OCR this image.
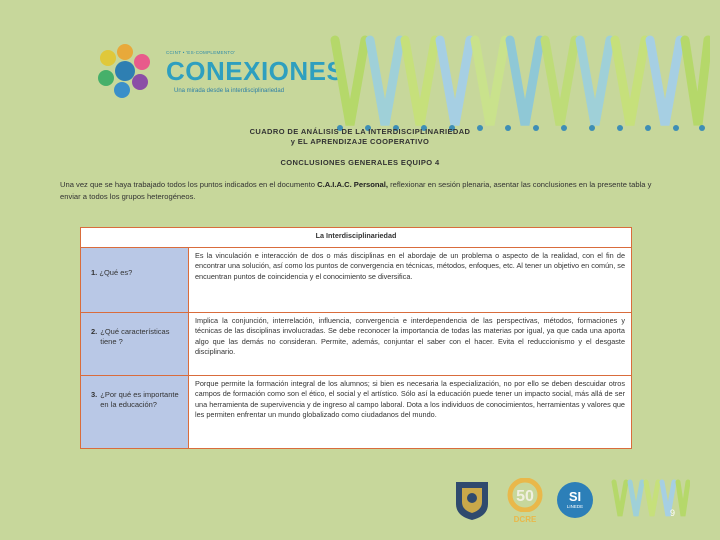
CCINT • 'ES-COMPLEMENTO'
CONEXIONES
Una mirada desde la interdisciplinariedad
CUADRO DE ANÁLISIS DE LA INTERDISCIPLINARIEDAD
y EL APRENDIZAJE COOPERATIVO
CONCLUSIONES GENERALES EQUIPO 4
Una vez que se haya trabajado todos los puntos indicados en el documento C.A.I.A.C. Personal, reflexionar en sesión plenaria, asentar las conclusiones en la presente tabla y enviar a todos los grupos heterogéneos.
La Interdisciplinariedad	

1. ¿Qué es?	Es la vinculación e interacción de dos o más disciplinas en el abordaje de un problema o aspecto de la realidad, con el fin de encontrar una solución, así como los puntos de convergencia en técnicas, métodos, enfoques, etc. Al tener un objetivo en común, se encuentran puntos de coincidencia y el conocimiento se diversifica.

2. ¿Qué características tiene ?	Implica la conjunción, interrelación, influencia, convergencia e interdependencia de las perspectivas, métodos, formaciones y técnicas de las disciplinas involucradas. Se debe reconocer la importancia de todas las materias por igual, ya que cada una aporta algo que las demás no consideran. Permite, además, conjuntar el saber con el hacer. Evita el reduccionismo y el desgaste disciplinario.

3. ¿Por qué es importante en la educación?	Porque permite la formación integral de los alumnos; si bien es necesaria la especialización, no por ello se deben descuidar otros campos de formación como son el ético, el social y el artístico. Sólo así la educación puede tener un impacto social, más allá de ser una herramienta de supervivencia y de ingreso al campo laboral. Dota a los individuos de conocimientos, herramientas y valores que les permiten enfrentar un mundo globalizado como ciudadanos del mundo.
50
DCRE
SI
LINEDE
9
